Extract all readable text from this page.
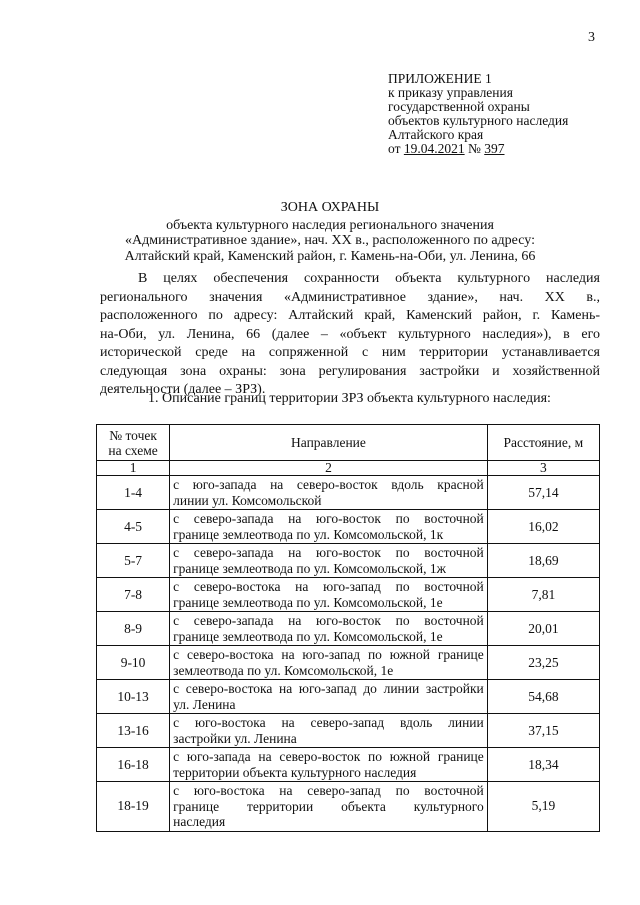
3
ПРИЛОЖЕНИЕ 1
к приказу управления
государственной охраны
объектов культурного наследия
Алтайского края
от 19.04.2021 № 397
ЗОНА ОХРАНЫ
объекта культурного наследия регионального значения
«Административное здание», нач. XX в., расположенного по адресу:
Алтайский край, Каменский район, г. Камень-на-Оби, ул. Ленина, 66
В целях обеспечения сохранности объекта культурного наследия
регионального значения «Административное здание», нач. XX в.,
расположенного по адресу: Алтайский край, Каменский район, г. Камень-
на-Оби, ул. Ленина, 66 (далее – «объект культурного наследия»), в его
исторической среде на сопряженной с ним территории устанавливается
следующая зона охраны: зона регулирования застройки и хозяйственной
деятельности (далее – ЗРЗ).
1. Описание границ территории ЗРЗ объекта культурного наследия:
№ точек
на схеме	Направление	Расстояние, м
1	2	3
1-4	с юго-запада на северо-восток вдоль красной
линии ул. Комсомольской	57,14
4-5	с северо-запада на юго-восток по восточной
границе землеотвода по ул. Комсомольской, 1к	16,02
5-7	с северо-запада на юго-восток по восточной
границе землеотвода по ул. Комсомольской, 1ж	18,69
7-8	с северо-востока на юго-запад по восточной
границе землеотвода по ул. Комсомольской, 1е	7,81
8-9	с северо-запада на юго-восток по восточной
границе землеотвода по ул. Комсомольской, 1е	20,01
9-10	с северо-востока на юго-запад по южной границе
землеотвода по ул. Комсомольской, 1е	23,25
10-13	с северо-востока на юго-запад до линии застройки
ул. Ленина	54,68
13-16	с юго-востока на северо-запад вдоль линии
застройки ул. Ленина	37,15
16-18	с юго-запада на северо-восток по южной границе
территории объекта культурного наследия	18,34
18-19	с юго-востока на северо-запад по восточной
границе территории объекта культурного
наследия	5,19
